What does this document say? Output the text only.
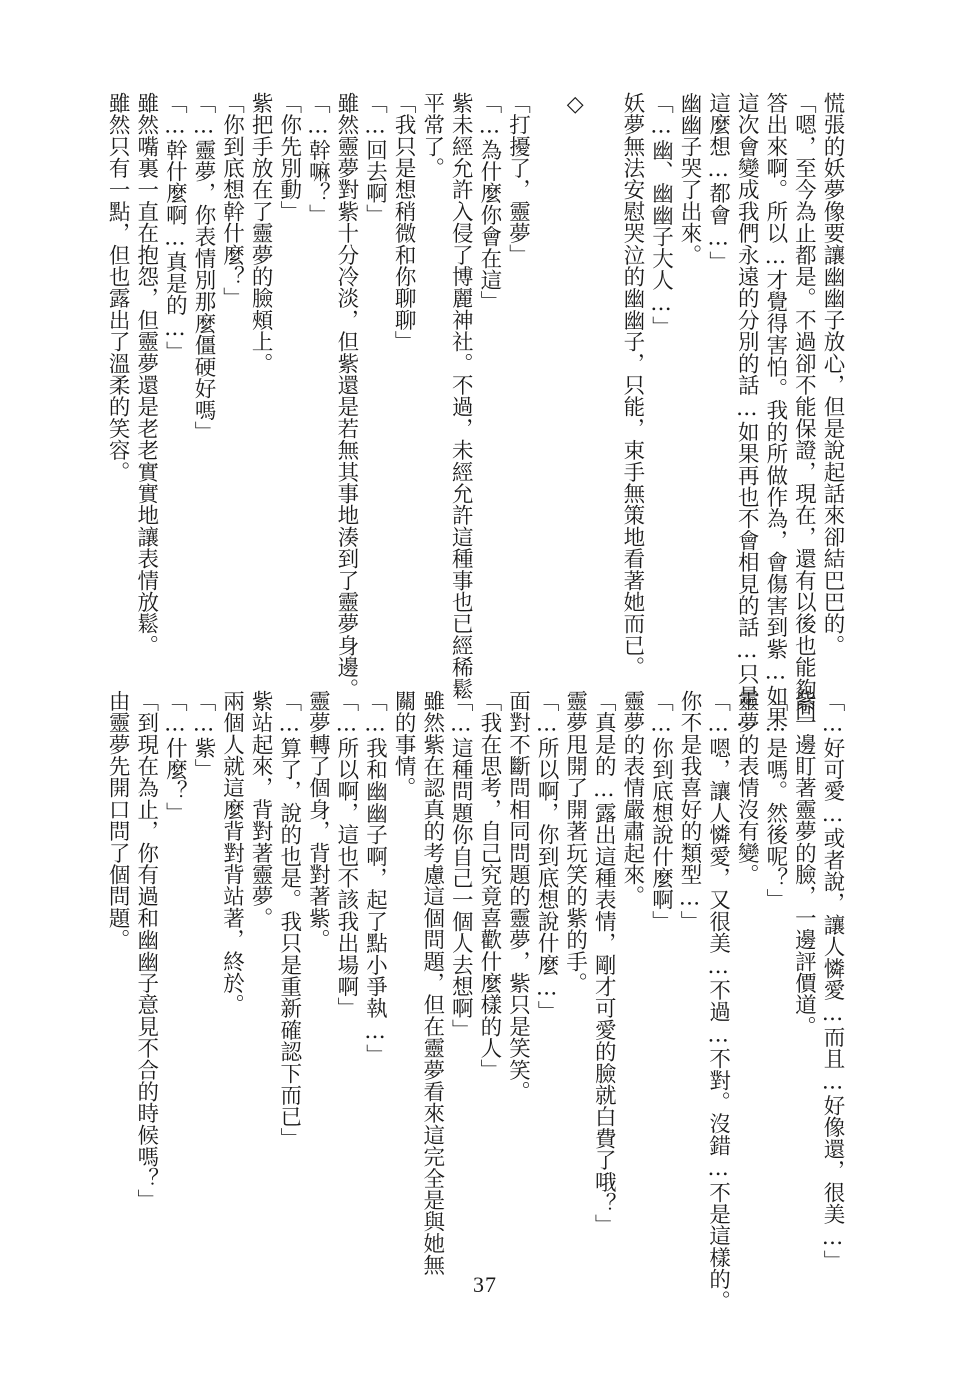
慌張的妖夢像要讓幽幽子放心，但是說起話來卻結巴巴的。
「嗯，至今為止都是。不過卻不能保證，現在，還有以後也能夠回
答出來啊。所以…才覺得害怕。我的所做作為，會傷害到紫…如果
這次會變成我們永遠的分別的話…如果再也不會相見的話…只是…
這麼想…都會…」
幽幽子哭了出來。
「…幽、幽幽子大人…」
妖夢無法安慰哭泣的幽幽子，只能，束手無策地看著她而已。

◇

「打擾了，靈夢」
「…為什麼你會在這」
紫未經允許入侵了博麗神社。不過，未經允許這種事也已經稀鬆
平常了。
「我只是想稍微和你聊聊」
「…回去啊」
雖然靈夢對紫十分冷淡，但紫還是若無其事地湊到了靈夢身邊。
「…幹嘛？」
「你先別動」
紫把手放在了靈夢的臉頰上。
「你到底想幹什麼？」
「…靈夢，你表情別那麼僵硬好嗎」
「…幹什麼啊…真是的…」
雖然嘴裏一直在抱怨，但靈夢還是老老實實地讓表情放鬆。
雖然只有一點，但也露出了溫柔的笑容。
「…好可愛…或者說，讓人憐愛…而且…好像還，很美…」
紫一邊盯著靈夢的臉，一邊評價道。
「…是嗎。然後呢？」
靈夢的表情沒有變。
「…嗯，讓人憐愛，又很美…不過…不對。沒錯…不是這樣的。
你不是我喜好的類型…」
「…你到底想說什麼啊」
靈夢的表情嚴肅起來。
「真是的…露出這種表情，剛才可愛的臉就白費了哦？」
靈夢甩開了開著玩笑的紫的手。
「…所以啊，你到底想說什麼…」
面對不斷問相同問題的靈夢，紫只是笑笑。
「我在思考，自己究竟喜歡什麼樣的人」
「…這種問題你自己一個人去想啊」
雖然紫在認真的考慮這個問題，但在靈夢看來這完全是與她無
關的事情。
「…我和幽幽子啊，起了點小爭執…」
「…所以啊，這也不該我出場啊」
靈夢轉了個身，背對著紫。
「…算了，說的也是。我只是重新確認下而已」
紫站起來，背對著靈夢。
兩個人就這麼背對背站著，終於。
「…紫」
「…什麼？」
「到現在為止，你有過和幽幽子意見不合的時候嗎？」
由靈夢先開口問了個問題。
37
